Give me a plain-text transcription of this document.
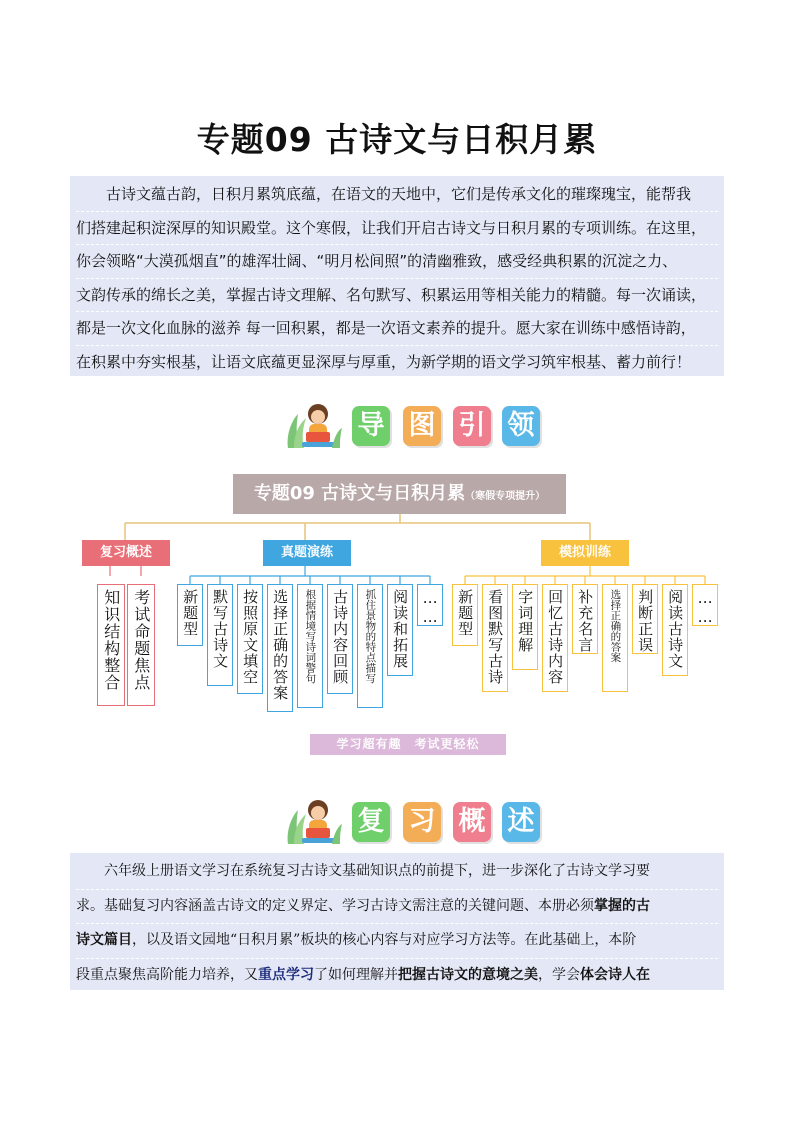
专题09 古诗文与日积月累
　　古诗文蕴古韵，日积月累筑底蕴，在语文的天地中，它们是传承文化的璀璨瑰宝，能帮我
们搭建起积淀深厚的知识殿堂。这个寒假，让我们开启古诗文与日积月累的专项训练。在这里，
你会领略“大漠孤烟直”的雄浑壮阔、“明月松间照”的清幽雅致，感受经典积累的沉淀之力、
文韵传承的绵长之美，掌握古诗文理解、名句默写、积累运用等相关能力的精髓。每一次诵读，
都是一次文化血脉的滋养 每一回积累，都是一次语文素养的提升。愿大家在训练中感悟诗韵，
在积累中夯实根基，让语文底蕴更显深厚与厚重，为新学期的语文学习筑牢根基、蓄力前行！
导 图 引 领
专题09 古诗文与日积月累（寒假专项提升）
复习概述	真题演练	模拟训练
知识结构整合 考试命题焦点 新题型 默写古诗文 按照原文填空 选择正确的答案 根据情境写诗词警句 古诗内容回顾 抓住景物的特点描写 阅读和拓展 …… 新题型 看图默写古诗 字词理解 回忆古诗内容 补充名言 选择正确的答案 判断正误 阅读古诗文 ……
学习超有趣　考试更轻松
复 习 概 述
　　六年级上册语文学习在系统复习古诗文基础知识点的前提下，进一步深化了古诗文学习要
求。基础复习内容涵盖古诗文的定义界定、学习古诗文需注意的关键问题、本册必须掌握的古
诗文篇目，以及语文园地“日积月累”板块的核心内容与对应学习方法等。在此基础上，本阶
段重点聚焦高阶能力培养，又重点学习了如何理解并把握古诗文的意境之美，学会体会诗人在
